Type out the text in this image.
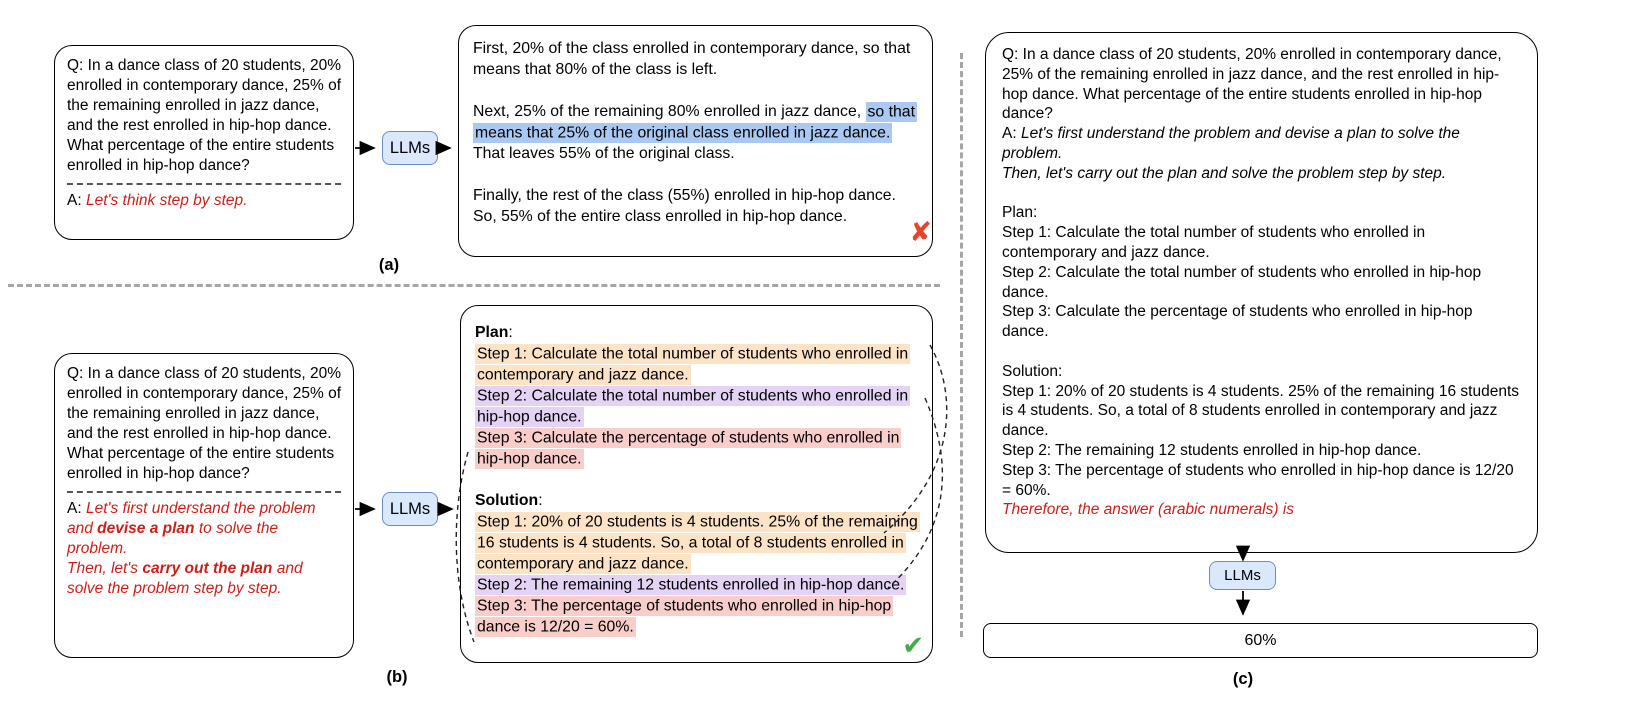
Q: In a dance class of 20 students, 20% enrolled in contemporary dance, 25% of the remaining enrolled in jazz dance, and the rest enrolled in hip-hop dance. What percentage of the entire students enrolled in hip-hop dance?
A: Let's think step by step.
LLMs
First, 20% of the class enrolled in contemporary dance, so that means that 80% of the class is left.

Next, 25% of the remaining 80% enrolled in jazz dance, so that means that 25% of the original class enrolled in jazz dance. That leaves 55% of the original class.

Finally, the rest of the class (55%) enrolled in hip-hop dance. So, 55% of the entire class enrolled in hip-hop dance.
✘
(a)
Q: In a dance class of 20 students, 20% enrolled in contemporary dance, 25% of the remaining enrolled in jazz dance, and the rest enrolled in hip-hop dance. What percentage of the entire students enrolled in hip-hop dance?
A: Let's first understand the problem and devise a plan to solve the problem.
Then, let's carry out the plan and solve the problem step by step.
LLMs
Plan:
Step 1: Calculate the total number of students who enrolled in contemporary and jazz dance.
Step 2: Calculate the total number of students who enrolled in hip-hop dance.
Step 3: Calculate the percentage of students who enrolled in hip-hop dance.

Solution:
Step 1: 20% of 20 students is 4 students. 25% of the remaining 16 students is 4 students. So, a total of 8 students enrolled in contemporary and jazz dance.
Step 2: The remaining 12 students enrolled in hip-hop dance.
Step 3: The percentage of students who enrolled in hip-hop dance is 12/20 = 60%.
✔
(b)
Q: In a dance class of 20 students, 20% enrolled in contemporary dance, 25% of the remaining enrolled in jazz dance, and the rest enrolled in hip-hop dance. What percentage of the entire students enrolled in hip-hop dance?
A: Let's first understand the problem and devise a plan to solve the problem.
Then, let's carry out the plan and solve the problem step by step.

Plan:
Step 1: Calculate the total number of students who enrolled in contemporary and jazz dance.
Step 2: Calculate the total number of students who enrolled in hip-hop dance.
Step 3: Calculate the percentage of students who enrolled in hip-hop dance.

Solution:
Step 1: 20% of 20 students is 4 students. 25% of the remaining 16 students is 4 students. So, a total of 8 students enrolled in contemporary and jazz dance.
Step 2: The remaining 12 students enrolled in hip-hop dance.
Step 3: The percentage of students who enrolled in hip-hop dance is 12/20 = 60%.
Therefore, the answer (arabic numerals) is
LLMs
60%
(c)
